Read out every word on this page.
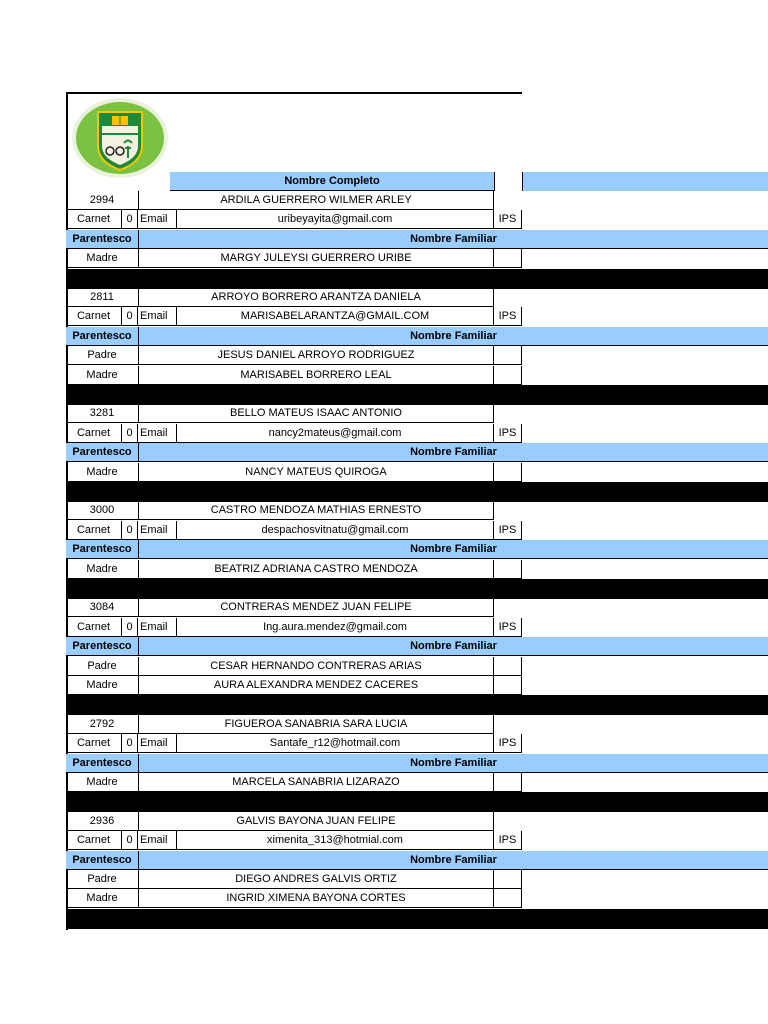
Nombre Completo
2994	ARDILA GUERRERO WILMER ARLEY
Carnet	0 Email	uribeyayita@gmail.com	IPS
Parentesco	Nombre Familiar
Madre	MARGY JULEYSI GUERRERO URIBE
2811	ARROYO BORRERO ARANTZA DANIELA
Carnet	0 Email	MARISABELARANTZA@GMAIL.COM	IPS
Parentesco	Nombre Familiar
Padre	JESUS DANIEL ARROYO RODRIGUEZ
Madre	MARISABEL BORRERO LEAL
3281	BELLO MATEUS ISAAC ANTONIO
Carnet	0 Email	nancy2mateus@gmail.com	IPS
Parentesco	Nombre Familiar
Madre	NANCY MATEUS QUIROGA
3000	CASTRO MENDOZA MATHIAS ERNESTO
Carnet	0 Email	despachosvitnatu@gmail.com	IPS
Parentesco	Nombre Familiar
Madre	BEATRIZ ADRIANA CASTRO MENDOZA
3084	CONTRERAS MENDEZ JUAN FELIPE
Carnet	0 Email	Ing.aura.mendez@gmail.com	IPS
Parentesco	Nombre Familiar
Padre	CESAR HERNANDO CONTRERAS ARIAS
Madre	AURA ALEXANDRA MENDEZ CACERES
2792	FIGUEROA SANABRIA SARA LUCIA
Carnet	0 Email	Santafe_r12@hotmail.com	IPS
Parentesco	Nombre Familiar
Madre	MARCELA SANABRIA LIZARAZO
2936	GALVIS BAYONA JUAN FELIPE
Carnet	0 Email	ximenita_313@hotmial.com	IPS
Parentesco	Nombre Familiar
Padre	DIEGO ANDRES GALVIS ORTIZ
Madre	INGRID XIMENA BAYONA CORTES
